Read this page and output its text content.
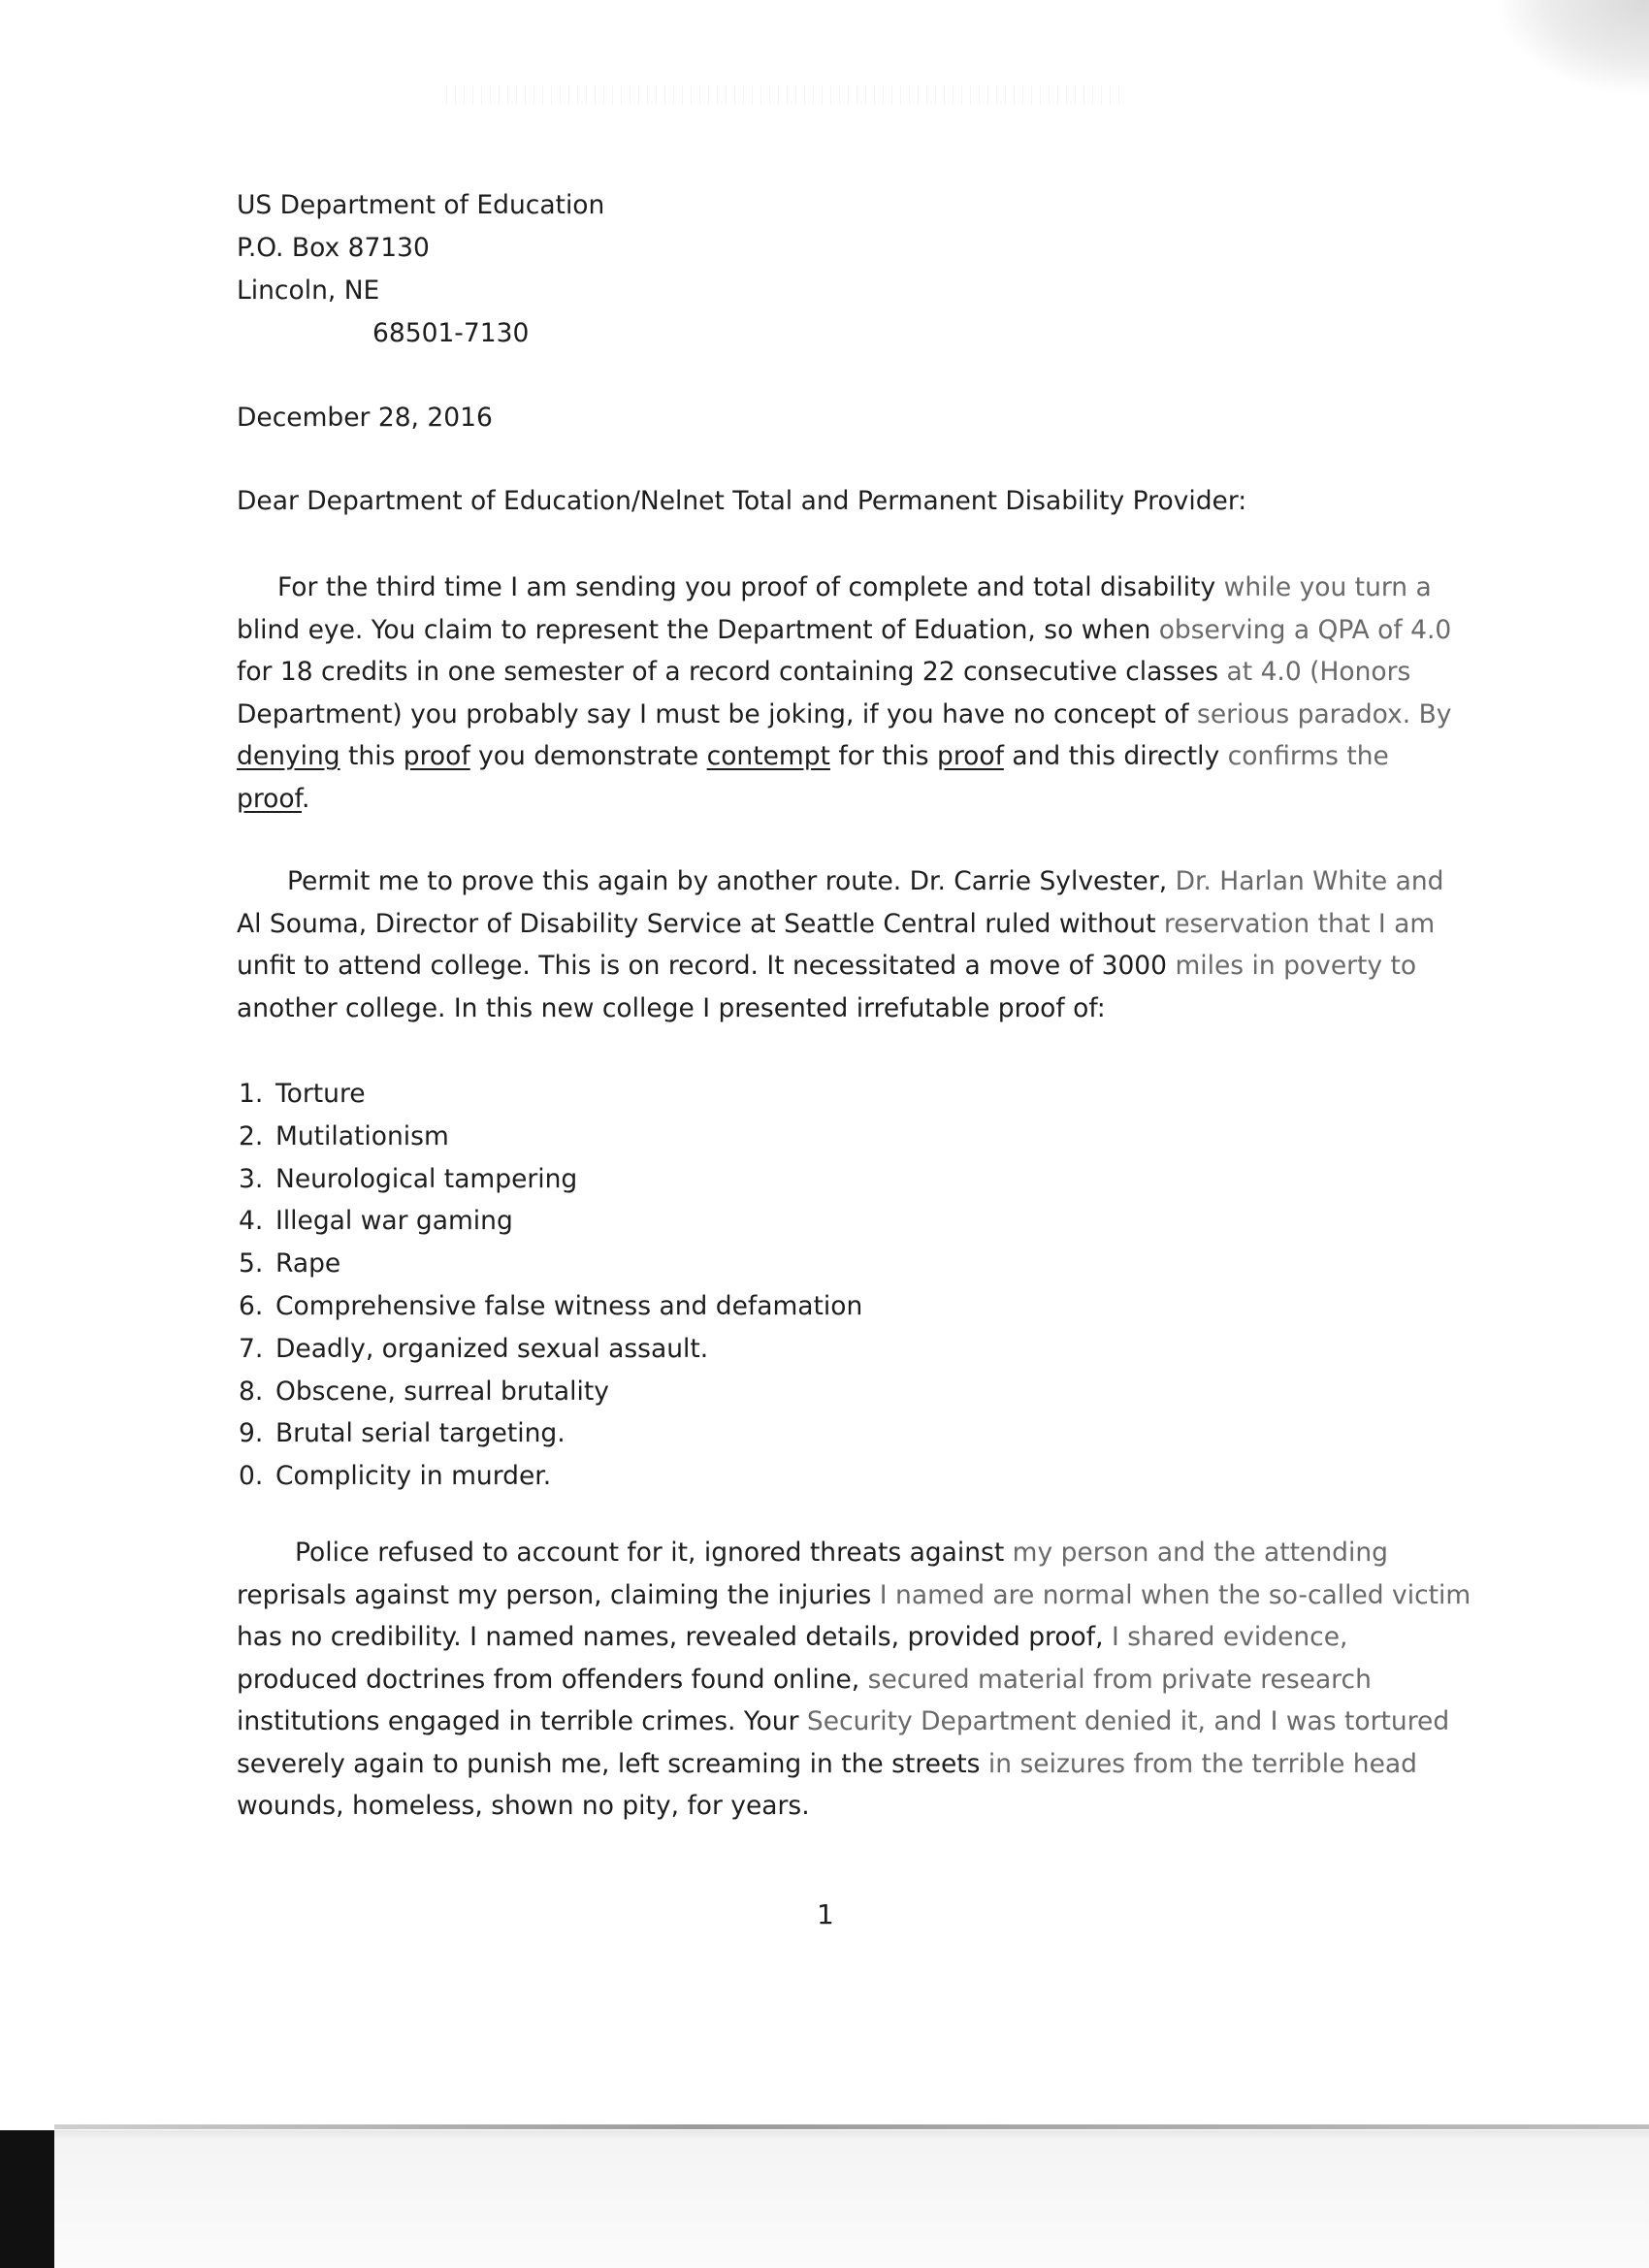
US Department of Education
P.O. Box 87130
Lincoln, NE
68501-7130
December 28, 2016
Dear Department of Education/Nelnet Total and Permanent Disability Provider:
For the third time I am sending you proof of complete and total disability while you turn a
blind eye. You claim to represent the Department of Eduation, so when observing a QPA of 4.0
for 18 credits in one semester of a record containing 22 consecutive classes at 4.0 (Honors
Department) you probably say I must be joking, if you have no concept of serious paradox. By
denying this proof you demonstrate contempt for this proof and this directly confirms the
proof.
Permit me to prove this again by another route. Dr. Carrie Sylvester, Dr. Harlan White and
Al Souma, Director of Disability Service at Seattle Central ruled without reservation that I am
unfit to attend college. This is on record. It necessitated a move of 3000 miles in poverty to
another college. In this new college I presented irrefutable proof of:
1. Torture
2. Mutilationism
3. Neurological tampering
4. Illegal war gaming
5. Rape
6. Comprehensive false witness and defamation
7. Deadly, organized sexual assault.
8. Obscene, surreal brutality
9. Brutal serial targeting.
0. Complicity in murder.
Police refused to account for it, ignored threats against my person and the attending
reprisals against my person, claiming the injuries I named are normal when the so-called victim
has no credibility. I named names, revealed details, provided proof, I shared evidence,
produced doctrines from offenders found online, secured material from private research
institutions engaged in terrible crimes. Your Security Department denied it, and I was tortured
severely again to punish me, left screaming in the streets in seizures from the terrible head
wounds, homeless, shown no pity, for years.
1
